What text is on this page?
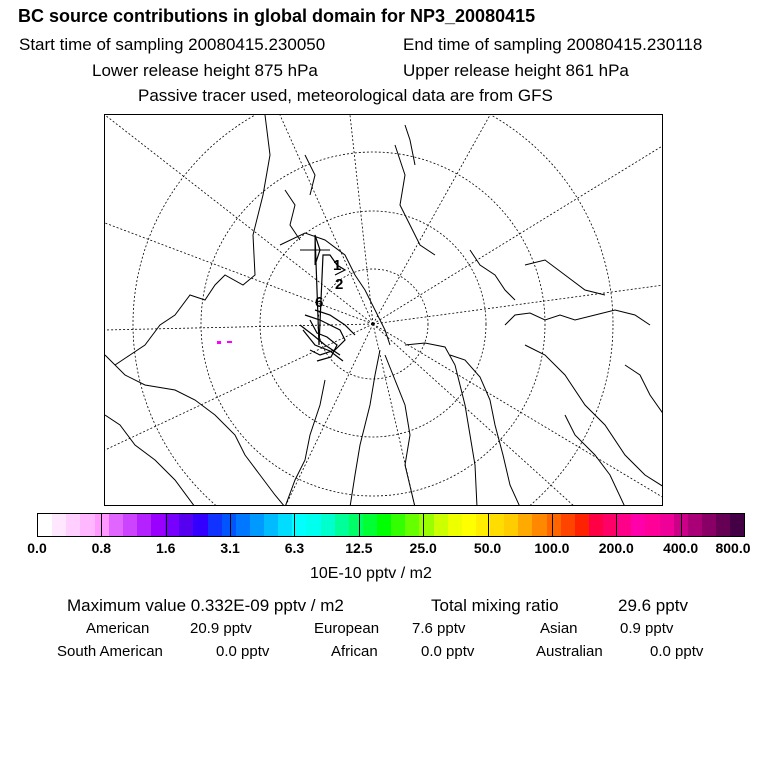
BC source contributions in global domain for NP3_20080415
Start time of sampling 20080415.230050	End time of sampling 20080415.230118
Lower release height 875 hPa	Upper release height 861 hPa
Passive tracer used, meteorological data are from GFS
1
2
6
0.0	0.8	1.6	3.1	6.3	12.5	25.0	50.0 100.0 200.0 400.0 800.0
10E-10 pptv / m2
Maximum value 0.332E-09 pptv / m2	Total mixing ratio	29.6 pptv
American	20.9 pptv	European 7.6 pptv	Asian	0.9 pptv
South American	0.0 pptv	African	0.0 pptv	Australian	0.0 pptv
